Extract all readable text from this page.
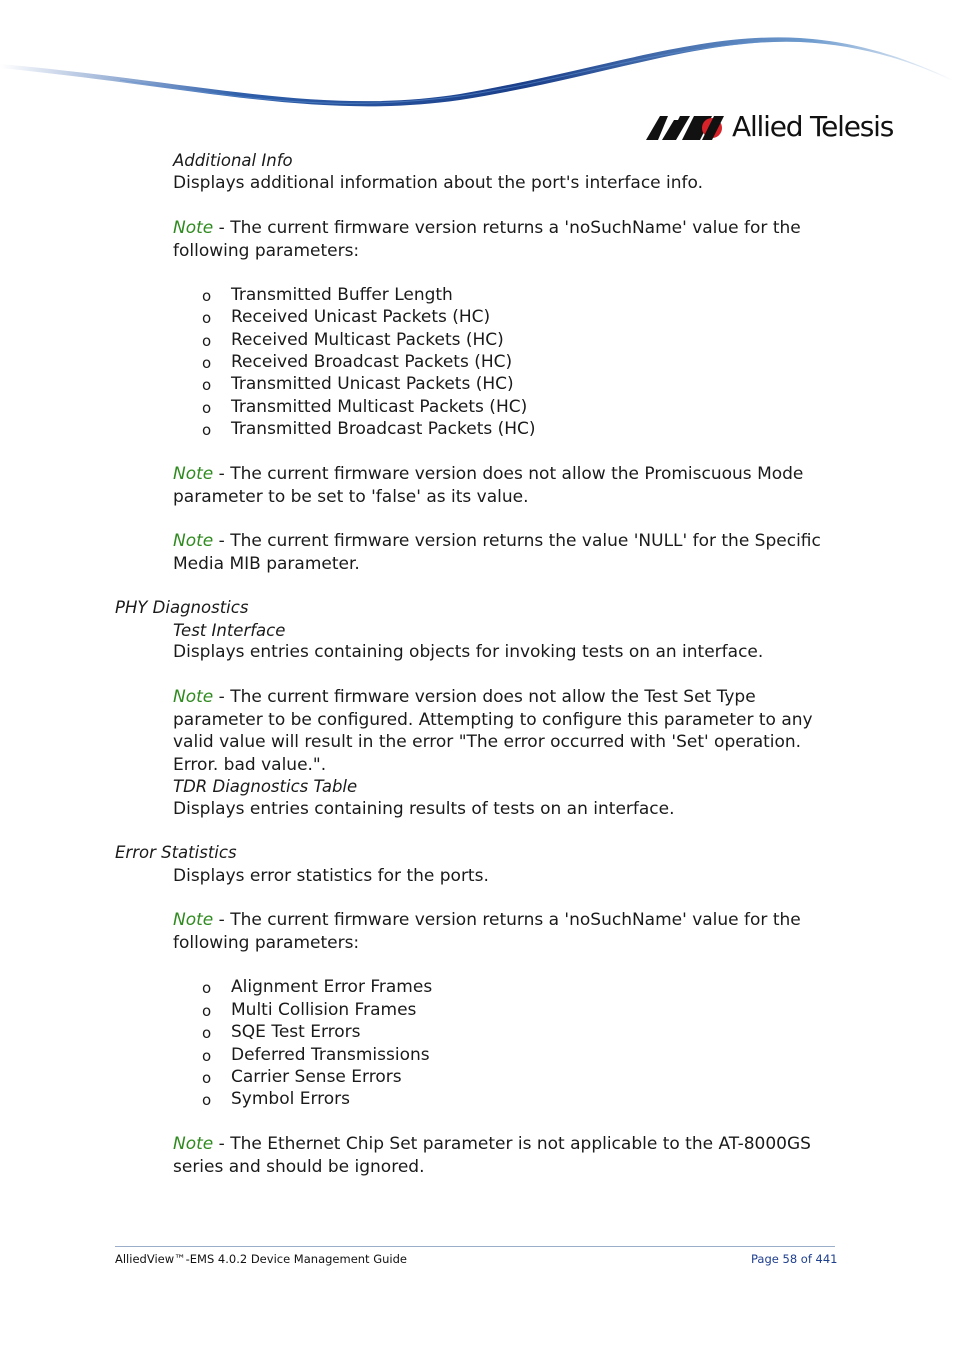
Allied Telesis
Additional Info
Displays additional information about the port's interface info.
Note - The current firmware version returns a 'noSuchName' value for the following parameters:
o Transmitted Buffer Length
o Received Unicast Packets (HC)
o Received Multicast Packets (HC)
o Received Broadcast Packets (HC)
o Transmitted Unicast Packets (HC)
o Transmitted Multicast Packets (HC)
o Transmitted Broadcast Packets (HC)
Note - The current firmware version does not allow the Promiscuous Mode parameter to be set to 'false' as its value.
Note - The current firmware version returns the value 'NULL' for the Specific Media MIB parameter.
PHY Diagnostics
Test Interface
Displays entries containing objects for invoking tests on an interface.
Note - The current firmware version does not allow the Test Set Type parameter to be configured. Attempting to configure this parameter to any valid value will result in the error "The error occurred with 'Set' operation. Error. bad value.".
TDR Diagnostics Table
Displays entries containing results of tests on an interface.
Error Statistics
Displays error statistics for the ports.
Note - The current firmware version returns a 'noSuchName' value for the following parameters:
o Alignment Error Frames
o Multi Collision Frames
o SQE Test Errors
o Deferred Transmissions
o Carrier Sense Errors
o Symbol Errors
Note - The Ethernet Chip Set parameter is not applicable to the AT-8000GS series and should be ignored.
AlliedView™-EMS 4.0.2 Device Management Guide	Page 58 of 441
